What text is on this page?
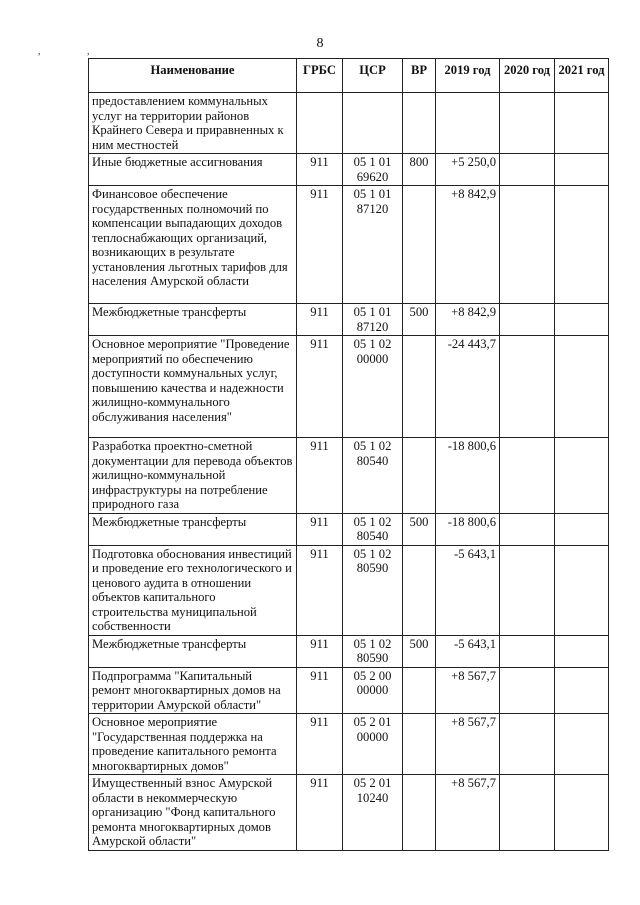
8
, ,
Наименование	ГРБС	ЦСР	ВР	2019 год	2020 год	2021 год
предоставлением коммунальных услуг на территории районов Крайнего Севера и приравненных к ним местностей						
Иные бюджетные ассигнования	911	05 1 01 69620	800	+5 250,0		
Финансовое обеспечение государственных полномочий по компенсации выпадающих доходов теплоснабжающих организаций, возникающих в результате установления льготных тарифов для населения Амурской области	911	05 1 01 87120		+8 842,9		
Межбюджетные трансферты	911	05 1 01 87120	500	+8 842,9		
Основное мероприятие "Проведение мероприятий по обеспечению доступности коммунальных услуг, повышению качества и надежности жилищно-коммунального обслуживания населения"	911	05 1 02 00000		-24 443,7		
Разработка проектно-сметной документации для перевода объектов жилищно-коммунальной инфраструктуры на потребление природного газа	911	05 1 02 80540		-18 800,6		
Межбюджетные трансферты	911	05 1 02 80540	500	-18 800,6		
Подготовка обоснования инвестиций и проведение его технологического и ценового аудита в отношении объектов капитального строительства муниципальной собственности	911	05 1 02 80590		-5 643,1		
Межбюджетные трансферты	911	05 1 02 80590	500	-5 643,1		
Подпрограмма "Капитальный ремонт многоквартирных домов на территории Амурской области"	911	05 2 00 00000		+8 567,7		
Основное мероприятие "Государственная поддержка на проведение капитального ремонта многоквартирных домов"	911	05 2 01 00000		+8 567,7		
Имущественный взнос Амурской области в некоммерческую организацию "Фонд капитального ремонта многоквартирных домов Амурской области"	911	05 2 01 10240		+8 567,7		
